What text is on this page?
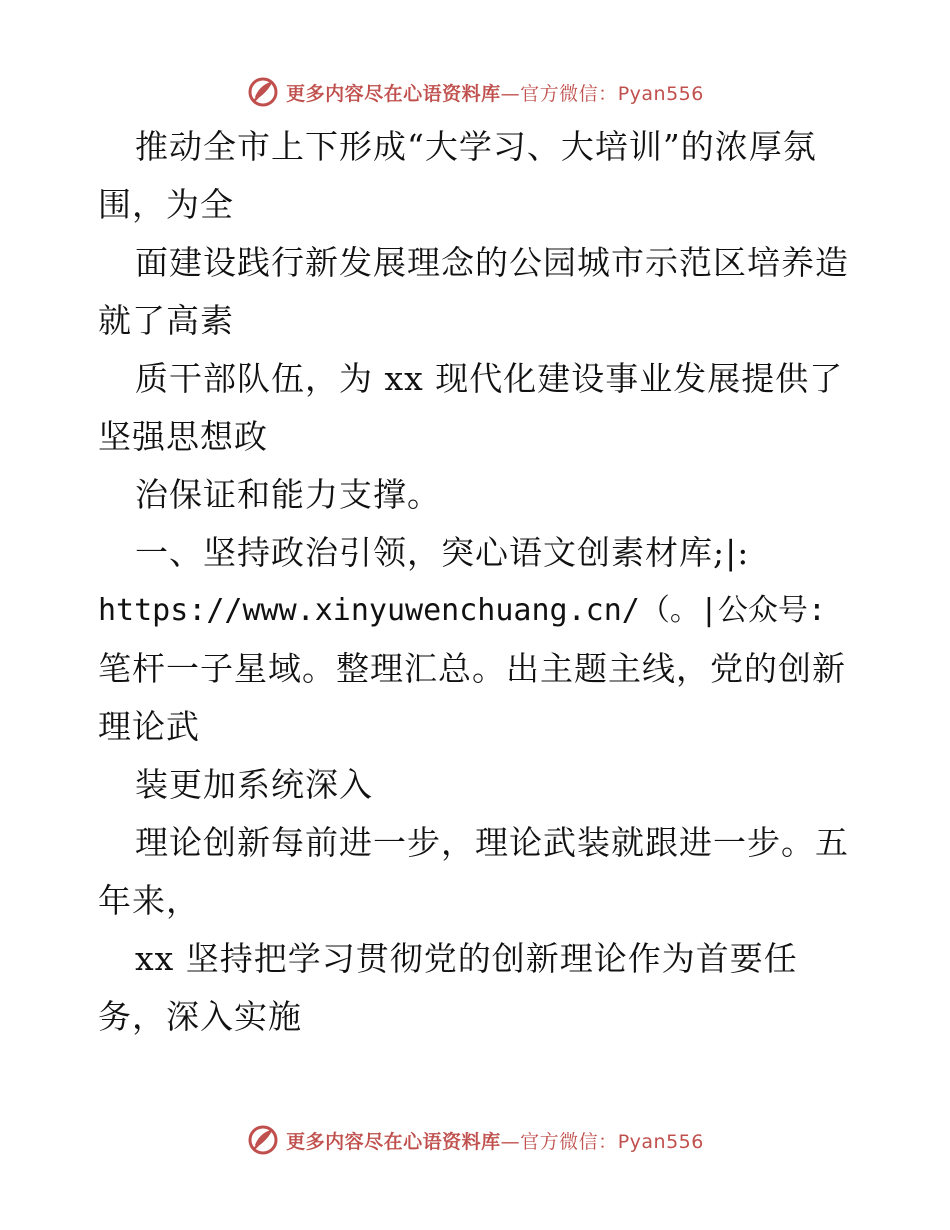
更多内容尽在心语资料库—官方微信：Pyan556
推动全市上下形成“大学习、大培训”的浓厚氛
围，为全
面建设践行新发展理念的公园城市示范区培养造
就了高素
质干部队伍，为 xx 现代化建设事业发展提供了
坚强思想政
治保证和能力支撑。
一、坚持政治引领，突心语文创素材库;|:
https://www.xinyuwenchuang.cn/（。|公众号:
笔杆一子星域。整理汇总。出主题主线，党的创新
理论武
装更加系统深入
理论创新每前进一步，理论武装就跟进一步。五
年来，
xx 坚持把学习贯彻党的创新理论作为首要任
务，深入实施
更多内容尽在心语资料库—官方微信：Pyan556
